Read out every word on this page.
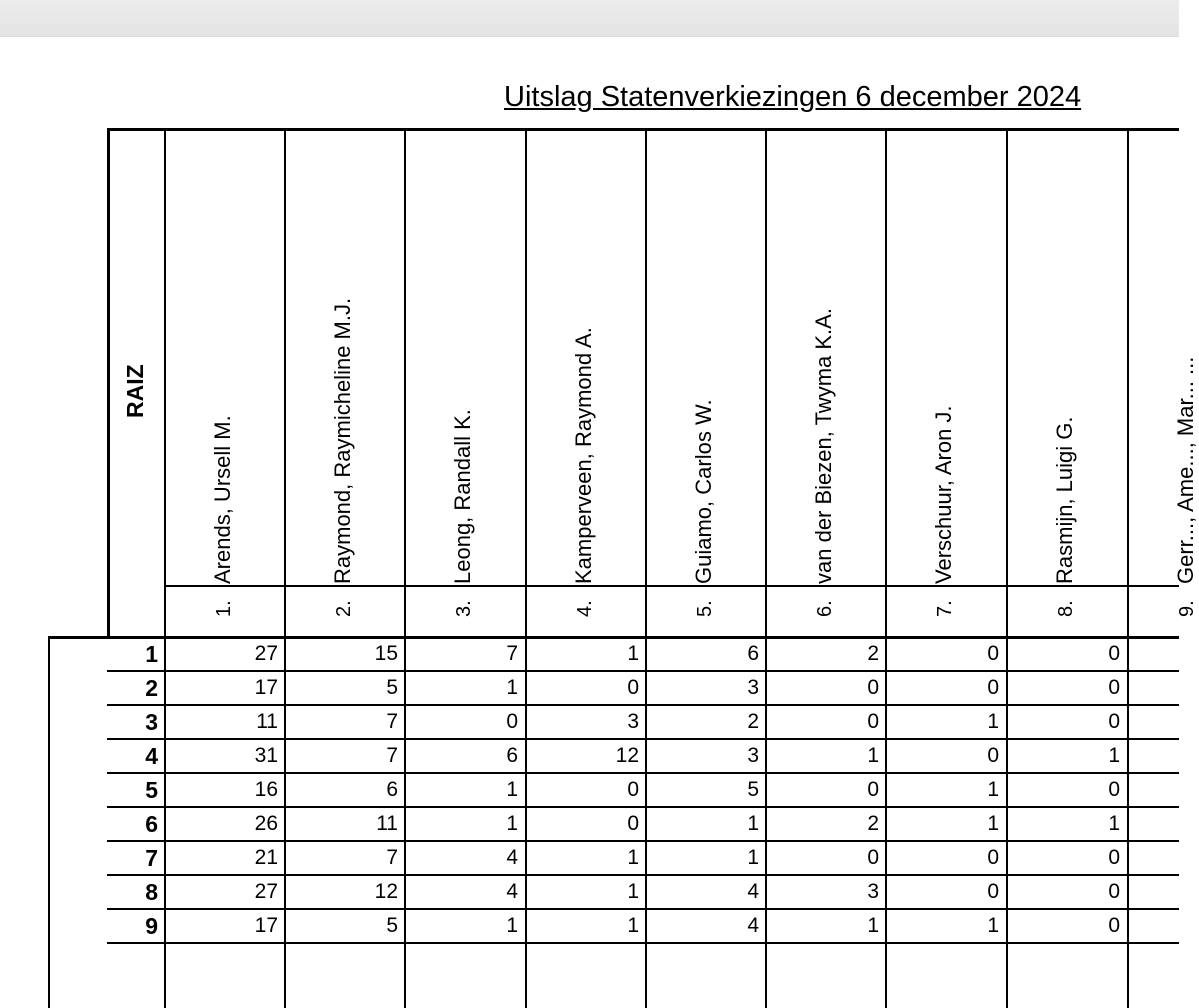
Uitslag Statenverkiezingen 6 december 2024
RAIZ
Arends, Ursell M.
1.
Raymond, Raymicheline M.J.
2.
Leong, Randall K.
3.
Kamperveen, Raymond A.
4.
Guiamo, Carlos W.
5.
van der Biezen, Twyma K.A.
6.
Verschuur, Aron J.
7.
Rasmijn, Luigi G.
8.
Gerr..., Ame..., Mar... ...
9.
1	27	15	7	1	6	2	0	0
2	17	5	1	0	3	0	0	0
3	11	7	0	3	2	0	1	0
4	31	7	6	12	3	1	0	1
5	16	6	1	0	5	0	1	0
6	26	11	1	0	1	2	1	1
7	21	7	4	1	1	0	0	0
8	27	12	4	1	4	3	0	0
9	17	5	1	1	4	1	1	0
